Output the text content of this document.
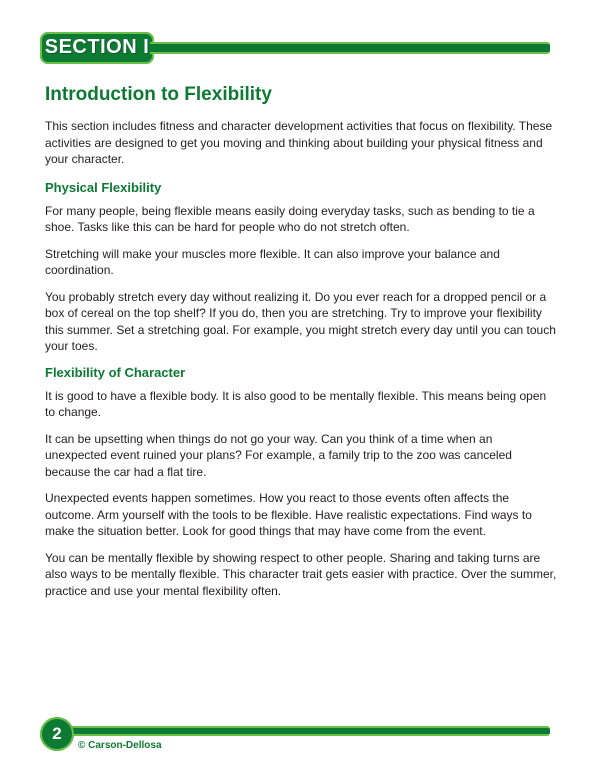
SECTION I
Introduction to Flexibility

This section includes fitness and character development activities that focus on flexibility. These activities are designed to get you moving and thinking about building your physical fitness and your character.

Physical Flexibility

For many people, being flexible means easily doing everyday tasks, such as bending to tie a shoe. Tasks like this can be hard for people who do not stretch often.

Stretching will make your muscles more flexible. It can also improve your balance and coordination.

You probably stretch every day without realizing it. Do you ever reach for a dropped pencil or a box of cereal on the top shelf? If you do, then you are stretching. Try to improve your flexibility this summer. Set a stretching goal. For example, you might stretch every day until you can touch your toes.

Flexibility of Character

It is good to have a flexible body. It is also good to be mentally flexible. This means being open to change.

It can be upsetting when things do not go your way. Can you think of a time when an unexpected event ruined your plans? For example, a family trip to the zoo was canceled because the car had a flat tire.

Unexpected events happen sometimes. How you react to those events often affects the outcome. Arm yourself with the tools to be flexible. Have realistic expectations. Find ways to make the situation better. Look for good things that may have come from the event.

You can be mentally flexible by showing respect to other people. Sharing and taking turns are also ways to be mentally flexible. This character trait gets easier with practice. Over the summer, practice and use your mental flexibility often.

2
© Carson-Dellosa
